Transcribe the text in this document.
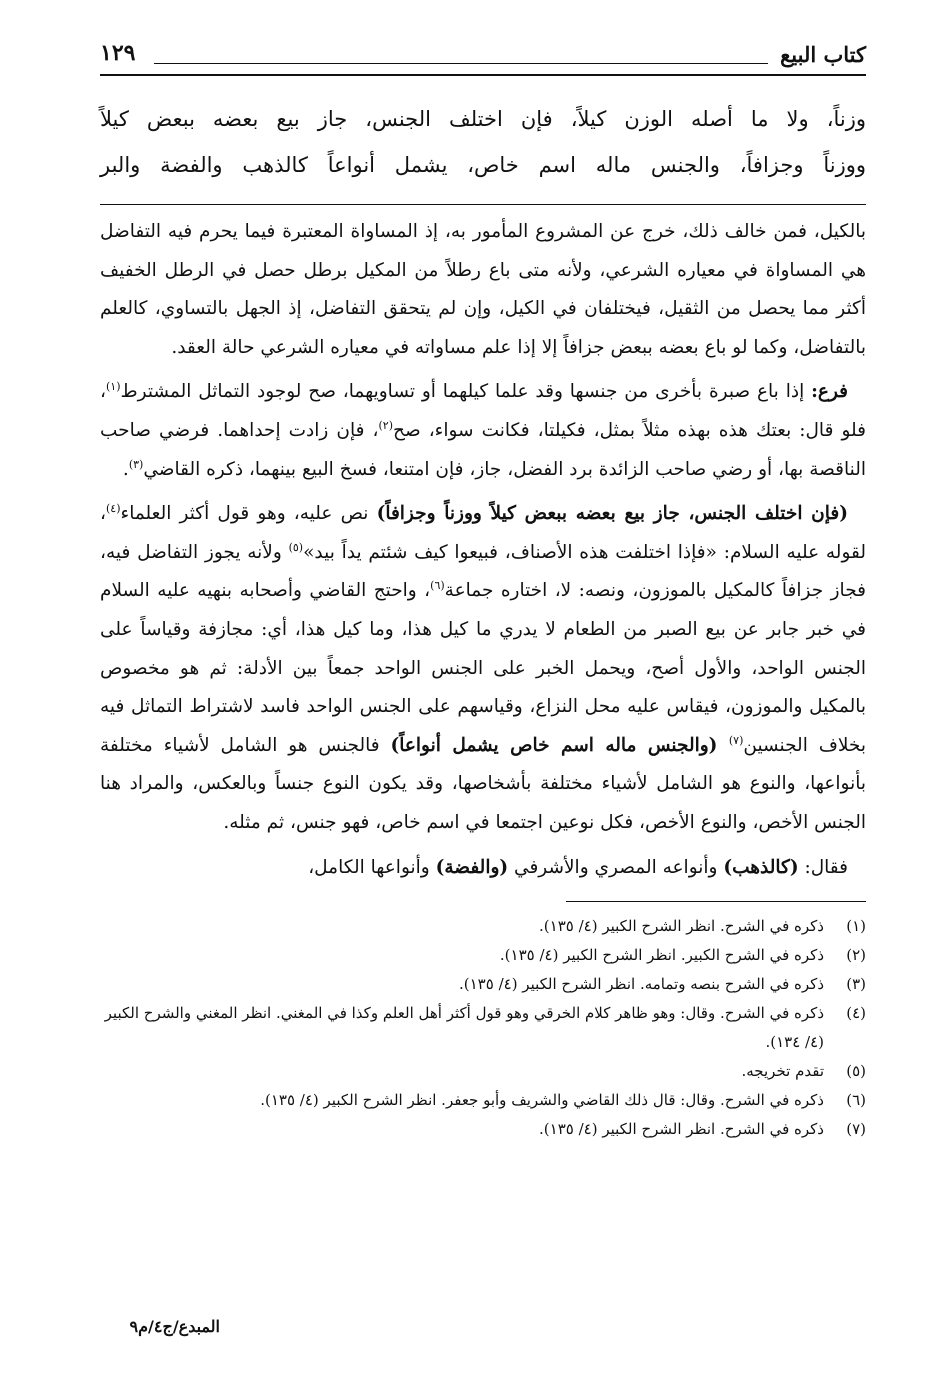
كتاب البيع
١٢٩

وزناً، ولا ما أصله الوزن كيلاً، فإن اختلف الجنس، جاز بيع بعضه ببعض كيلاً

ووزناً وجزافاً، والجنس ماله اسم خاص، يشمل أنواعاً كالذهب والفضة والبر

بالكيل، فمن خالف ذلك، خرج عن المشروع المأمور به، إذ المساواة المعتبرة فيما يحرم فيه التفاضل هي المساواة في معياره الشرعي، ولأنه متى باع رطلاً من المكيل برطل حصل في الرطل الخفيف أكثر مما يحصل من الثقيل، فيختلفان في الكيل، وإن لم يتحقق التفاضل، إذ الجهل بالتساوي، كالعلم بالتفاضل، وكما لو باع بعضه ببعض جزافاً إلا إذا علم مساواته في معياره الشرعي حالة العقد.

فرع: إذا باع صبرة بأخرى من جنسها وقد علما كيلهما أو تساويهما، صح لوجود التماثل المشترط$^{(١)}$، فلو قال: بعتك هذه بهذه مثلاً بمثل، فكيلتا، فكانت سواء، صح$^{(٢)}$، فإن زادت إحداهما. فرضي صاحب الناقصة بها، أو رضي صاحب الزائدة برد الفضل، جاز، فإن امتنعا، فسخ البيع بينهما، ذكره القاضي$^{(٣)}$.

(فإن اختلف الجنس، جاز بيع بعضه ببعض كيلاً ووزناً وجزافاً) نص عليه، وهو قول أكثر العلماء$^{(٤)}$، لقوله عليه السلام: «فإذا اختلفت هذه الأصناف، فبيعوا كيف شئتم يداً بيد»$^{(٥)}$ ولأنه يجوز التفاضل فيه، فجاز جزافاً كالمكيل بالموزون، ونصه: لا، اختاره جماعة$^{(٦)}$، واحتج القاضي وأصحابه بنهيه عليه السلام في خبر جابر عن بيع الصبر من الطعام لا يدري ما كيل هذا، وما كيل هذا، أي: مجازفة وقياساً على الجنس الواحد، والأول أصح، ويحمل الخبر على الجنس الواحد جمعاً بين الأدلة: ثم هو مخصوص بالمكيل والموزون، فيقاس عليه محل النزاع، وقياسهم على الجنس الواحد فاسد لاشتراط التماثل فيه بخلاف الجنسين$^{(٧)}$ (والجنس ماله اسم خاص يشمل أنواعاً) فالجنس هو الشامل لأشياء مختلفة بأنواعها، والنوع هو الشامل لأشياء مختلفة بأشخاصها، وقد يكون النوع جنساً وبالعكس، والمراد هنا الجنس الأخص، والنوع الأخص، فكل نوعين اجتمعا في اسم خاص، فهو جنس، ثم مثله.

فقال: (كالذهب) وأنواعه المصري والأشرفي (والفضة) وأنواعها الكامل،

(١)
ذكره في الشرح. انظر الشرح الكبير (٤/ ١٣٥).
(٢)
ذكره في الشرح الكبير. انظر الشرح الكبير (٤/ ١٣٥).
(٣)
ذكره في الشرح بنصه وتمامه. انظر الشرح الكبير (٤/ ١٣٥).
(٤)
ذكره في الشرح. وقال: وهو ظاهر كلام الخرقي وهو قول أكثر أهل العلم وكذا في المغني. انظر المغني والشرح الكبير (٤/ ١٣٤).
(٥)
تقدم تخريجه.
(٦)
ذكره في الشرح. وقال: قال ذلك القاضي والشريف وأبو جعفر. انظر الشرح الكبير (٤/ ١٣٥).
(٧)
ذكره في الشرح. انظر الشرح الكبير (٤/ ١٣٥).
المبدع/ج٤/م٩
